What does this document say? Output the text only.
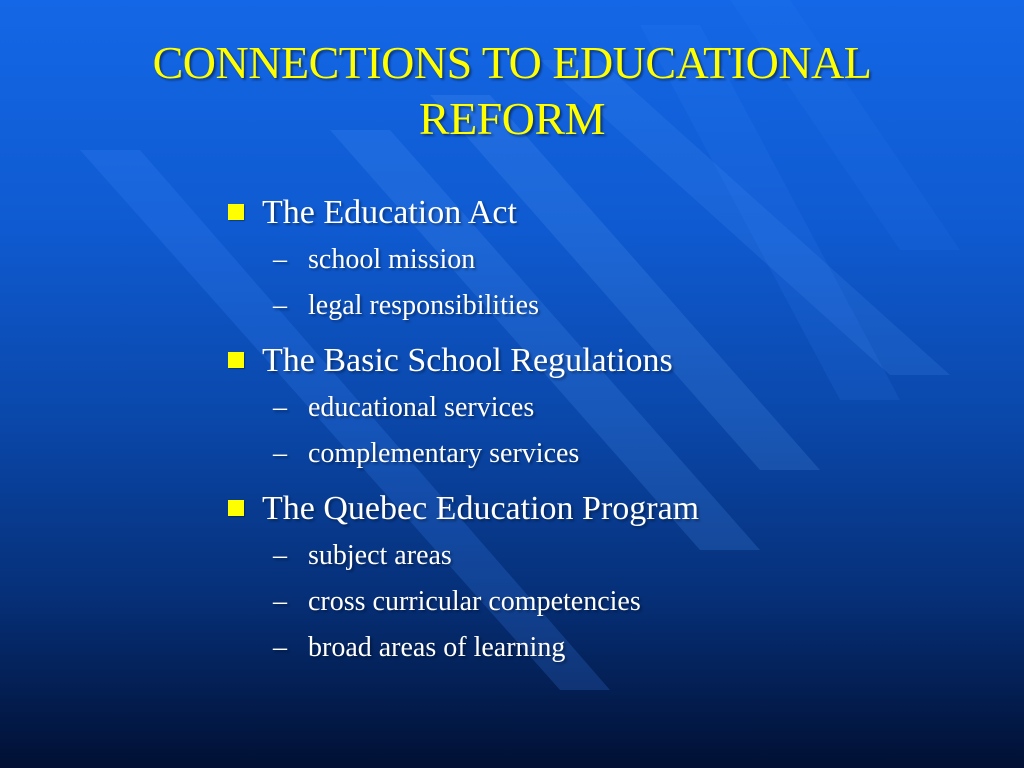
CONNECTIONS TO EDUCATIONAL
REFORM
The Education Act
– school mission
– legal responsibilities
The Basic School Regulations
– educational services
– complementary services
The Quebec Education Program
– subject areas
– cross curricular competencies
– broad areas of learning
